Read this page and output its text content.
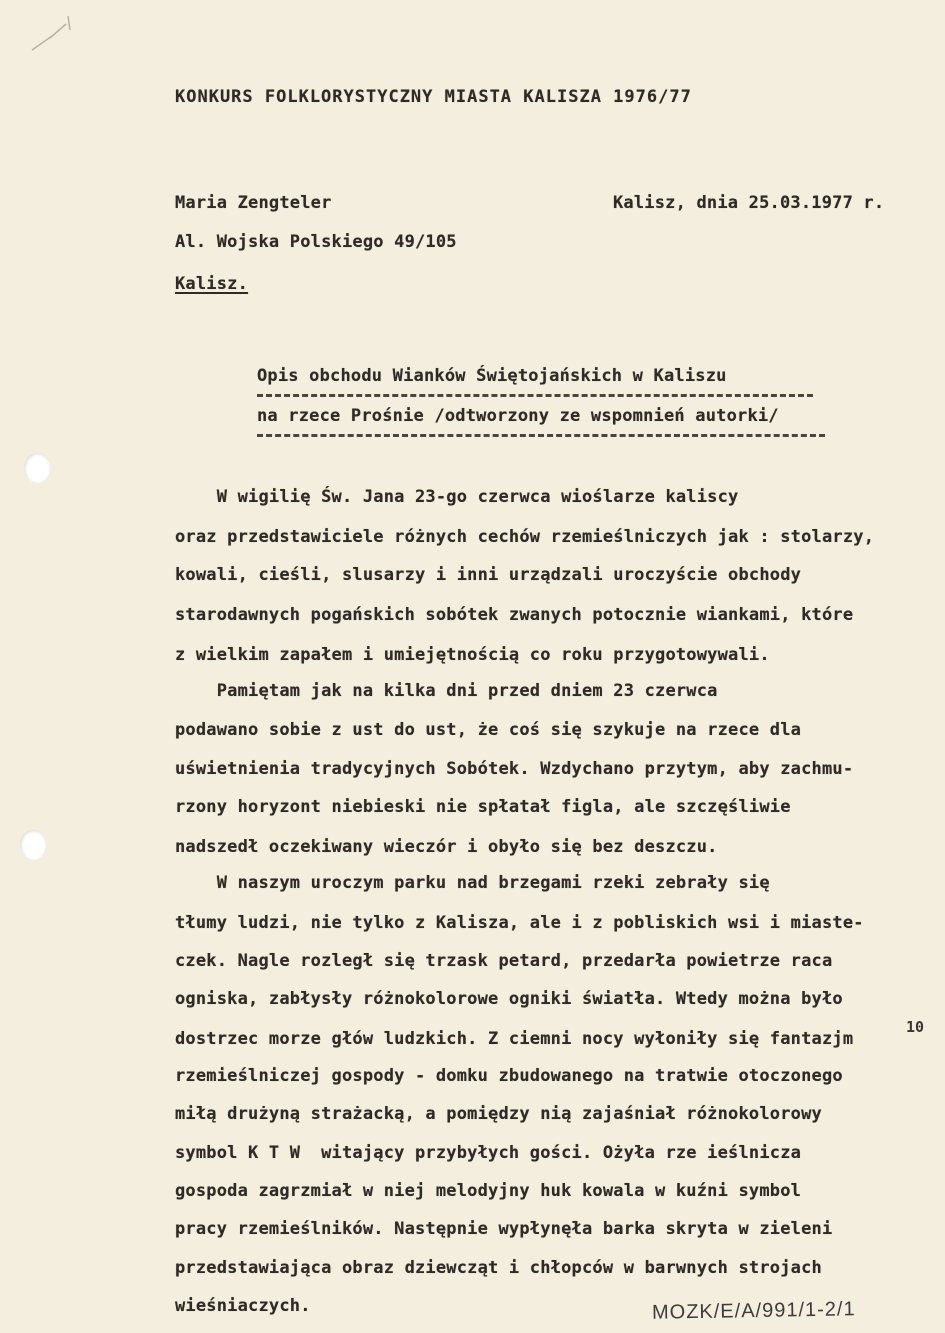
KONKURS FOLKLORYSTYCZNY MIASTA KALISZA 1976/77
Maria Zengteler	Kalisz, dnia 25.03.1977 r.
Al. Wojska Polskiego 49/105
Kalisz.
Opis obchodu Wianków Świętojańskich w Kaliszu
na rzece Prośnie /odtworzony ze wspomnień autorki/
W wigilię Św. Jana 23-go czerwca wioślarze kaliscy
oraz przedstawiciele różnych cechów rzemieślniczych jak : stolarzy,
kowali, cieśli, slusarzy i inni urządzali uroczyście obchody
starodawnych pogańskich sobótek zwanych potocznie wiankami, które
z wielkim zapałem i umiejętnością co roku przygotowywali.
Pamiętam jak na kilka dni przed dniem 23 czerwca
podawano sobie z ust do ust, że coś się szykuje na rzece dla
uświetnienia tradycyjnych Sobótek. Wzdychano przytym, aby zachmu-
rzony horyzont niebieski nie spłatał figla, ale szczęśliwie
nadszedł oczekiwany wieczór i obyło się bez deszczu.
W naszym uroczym parku nad brzegami rzeki zebrały się
tłumy ludzi, nie tylko z Kalisza, ale i z pobliskich wsi i miaste-
czek. Nagle rozległ się trzask petard, przedarła powietrze raca
ogniska, zabłysły różnokolorowe ogniki światła. Wtedy można było
dostrzec morze głów ludzkich. Z ciemni nocy wyłoniły się fantazjm
rzemieślniczej gospody - domku zbudowanego na tratwie otoczonego
miłą drużyną strażacką, a pomiędzy nią zajaśniał różnokolorowy
symbol K T W  witający przybyłych gości. Ożyła rze ieślnicza
gospoda zagrzmiał w niej melodyjny huk kowala w kuźni symbol
pracy rzemieślników. Następnie wypłynęła barka skryta w zieleni
przedstawiająca obraz dziewcząt i chłopców w barwnych strojach
wieśniaczych.
10
MOZK/E/A/991/1-2/1
